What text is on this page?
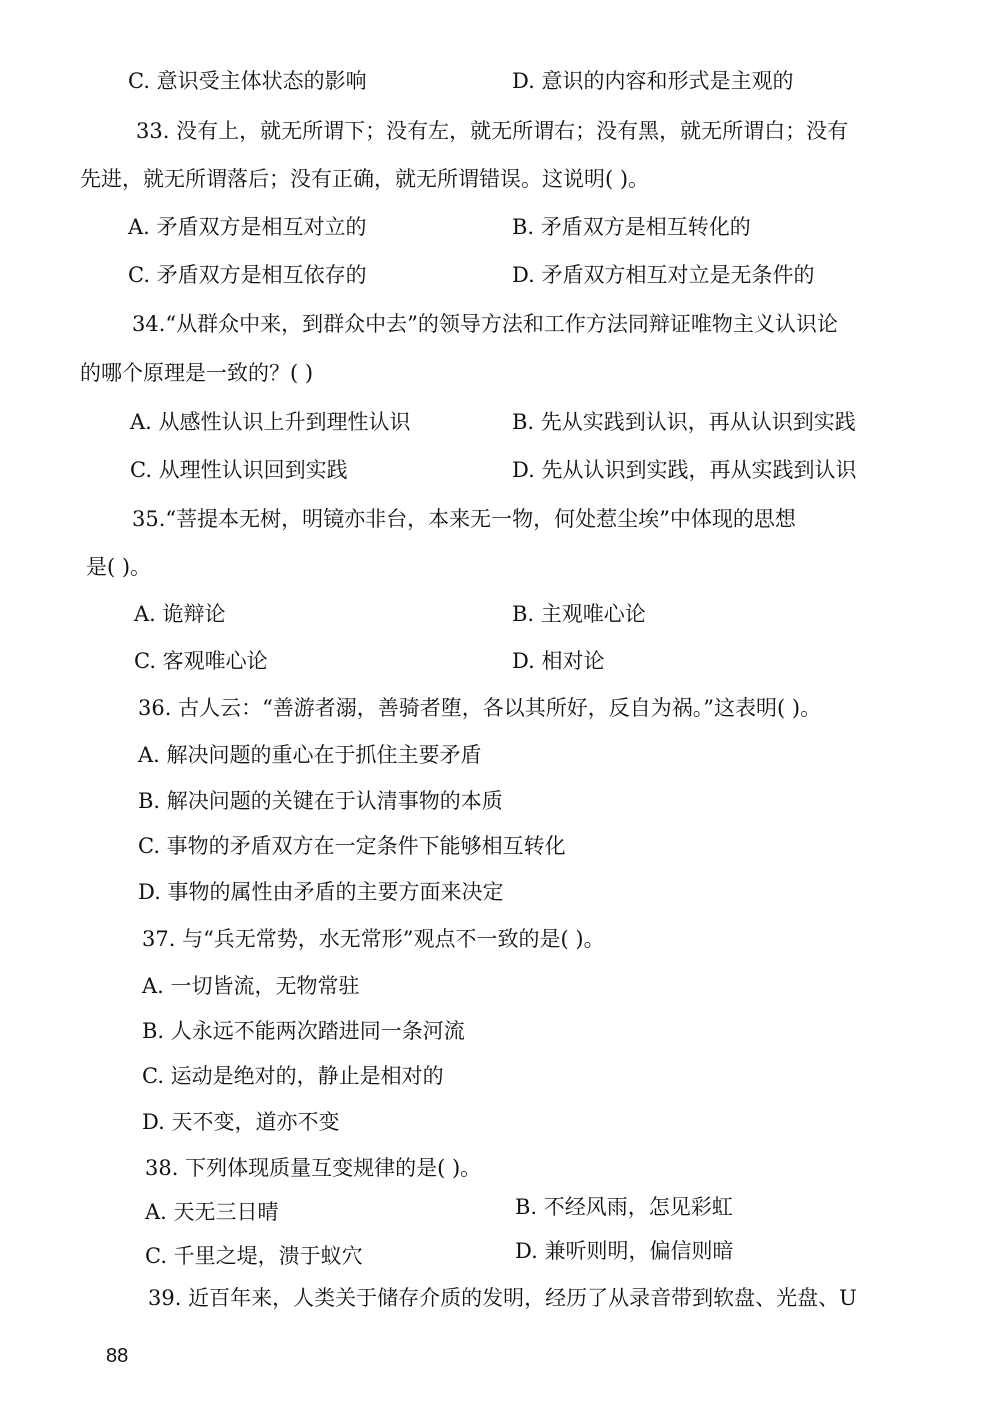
C. 意识受主体状态的影响	D. 意识的内容和形式是主观的
33. 没有上，就无所谓下；没有左，就无所谓右；没有黑，就无所谓白；没有
先进，就无所谓落后；没有正确，就无所谓错误。这说明( )。
A. 矛盾双方是相互对立的	B. 矛盾双方是相互转化的
C. 矛盾双方是相互依存的	D. 矛盾双方相互对立是无条件的
34.“从群众中来，到群众中去”的领导方法和工作方法同辩证唯物主义认识论
的哪个原理是一致的？( )
A. 从感性认识上升到理性认识	B. 先从实践到认识，再从认识到实践
C. 从理性认识回到实践	D. 先从认识到实践，再从实践到认识
35.“菩提本无树，明镜亦非台，本来无一物，何处惹尘埃”中体现的思想
是( )。
A. 诡辩论	B. 主观唯心论
C. 客观唯心论	D. 相对论
36. 古人云：“善游者溺，善骑者堕，各以其所好，反自为祸。”这表明( )。
A. 解决问题的重心在于抓住主要矛盾
B. 解决问题的关键在于认清事物的本质
C. 事物的矛盾双方在一定条件下能够相互转化
D. 事物的属性由矛盾的主要方面来决定
37. 与“兵无常势，水无常形”观点不一致的是( )。
A. 一切皆流，无物常驻
B. 人永远不能两次踏进同一条河流
C. 运动是绝对的，静止是相对的
D. 天不变，道亦不变
38. 下列体现质量互变规律的是( )。
A. 天无三日晴	B. 不经风雨，怎见彩虹
C. 千里之堤，溃于蚁穴	D. 兼听则明，偏信则暗
39. 近百年来，人类关于储存介质的发明，经历了从录音带到软盘、光盘、U
88
